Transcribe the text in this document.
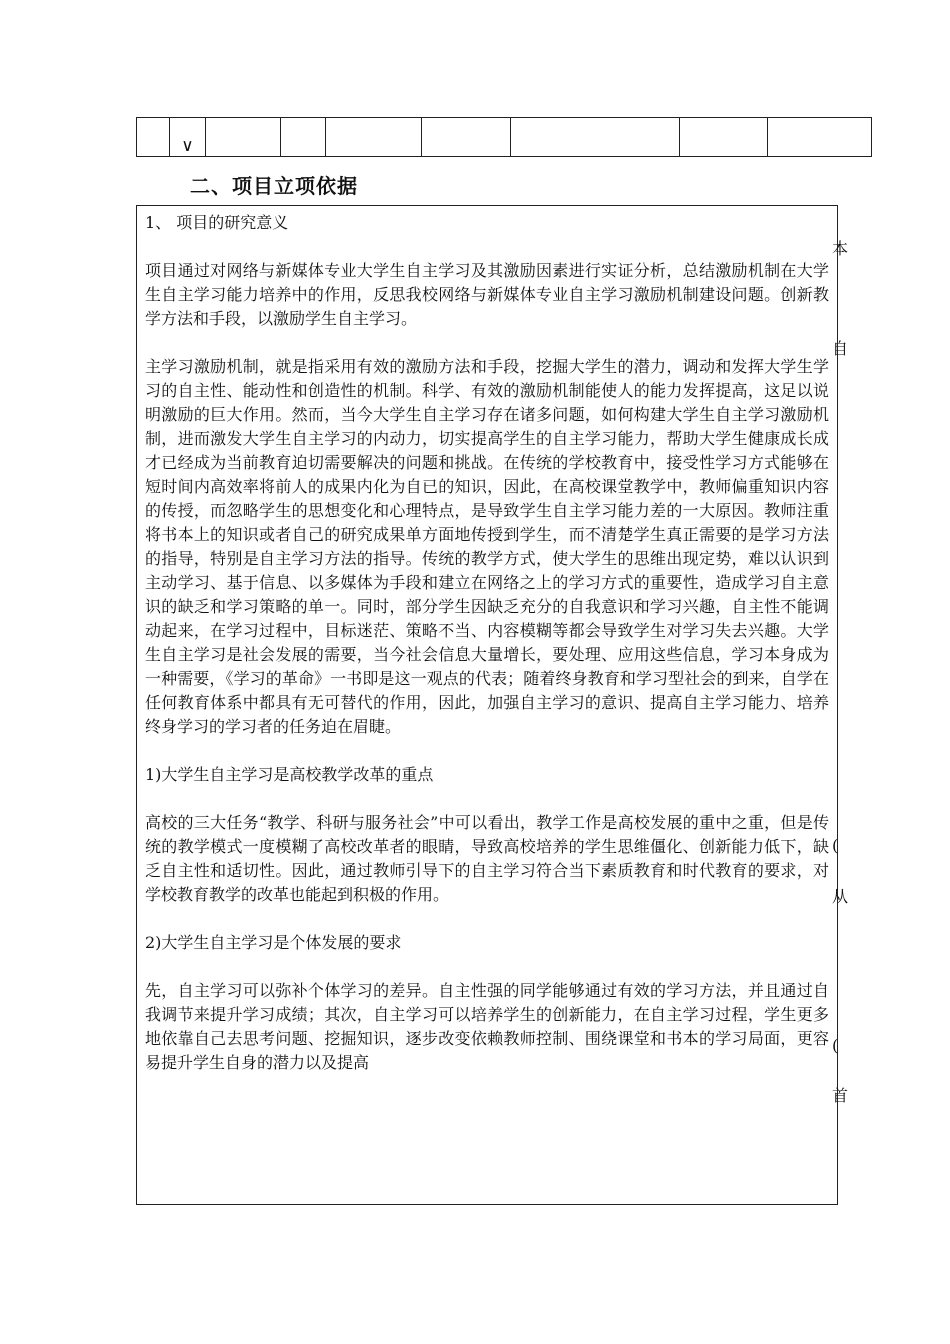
	∨							
二、项目立项依据

1、 项目的研究意义

项目通过对网络与新媒体专业大学生自主学习及其激励因素进行实证分析，总结激励机制在大学生自主学习能力培养中的作用，反思我校网络与新媒体专业自主学习激励机制建设问题。创新教学方法和手段，以激励学生自主学习。

主学习激励机制，就是指采用有效的激励方法和手段，挖掘大学生的潜力，调动和发挥大学生学习的自主性、能动性和创造性的机制。科学、有效的激励机制能使人的能力发挥提高，这足以说明激励的巨大作用。然而，当今大学生自主学习存在诸多问题，如何构建大学生自主学习激励机制，进而激发大学生自主学习的内动力，切实提高学生的自主学习能力，帮助大学生健康成长成才已经成为当前教育迫切需要解决的问题和挑战。在传统的学校教育中，接受性学习方式能够在短时间内高效率将前人的成果内化为自已的知识，因此，在高校课堂教学中，教师偏重知识内容的传授，而忽略学生的思想变化和心理特点，是导致学生自主学习能力差的一大原因。教师注重将书本上的知识或者自己的研究成果单方面地传授到学生，而不清楚学生真正需要的是学习方法的指导，特别是自主学习方法的指导。传统的教学方式，使大学生的思维出现定势，难以认识到主动学习、基于信息、以多媒体为手段和建立在网络之上的学习方式的重要性，造成学习自主意识的缺乏和学习策略的单一。同时，部分学生因缺乏充分的自我意识和学习兴趣，自主性不能调动起来，在学习过程中，目标迷茫、策略不当、内容模糊等都会导致学生对学习失去兴趣。大学生自主学习是社会发展的需要，当今社会信息大量增长，要处理、应用这些信息，学习本身成为一种需要，《学习的革命》一书即是这一观点的代表；随着终身教育和学习型社会的到来，自学在任何教育体系中都具有无可替代的作用，因此，加强自主学习的意识、提高自主学习能力、培养终身学习的学习者的任务迫在眉睫。

1)大学生自主学习是高校教学改革的重点

高校的三大任务“教学、科研与服务社会”中可以看出，教学工作是高校发展的重中之重，但是传统的教学模式一度模糊了高校改革者的眼睛，导致高校培养的学生思维僵化、创新能力低下，缺乏自主性和适切性。因此，通过教师引导下的自主学习符合当下素质教育和时代教育的要求，对学校教育教学的改革也能起到积极的作用。

2)大学生自主学习是个体发展的要求

先，自主学习可以弥补个体学习的差异。自主性强的同学能够通过有效的学习方法，并且通过自我调节来提升学习成绩；其次，自主学习可以培养学生的创新能力，在自主学习过程，学生更多地依靠自己去思考问题、挖掘知识，逐步改变依赖教师控制、围绕课堂和书本的学习局面，更容易提升学生自身的潜力以及提高

本
自
(
从
(
首
